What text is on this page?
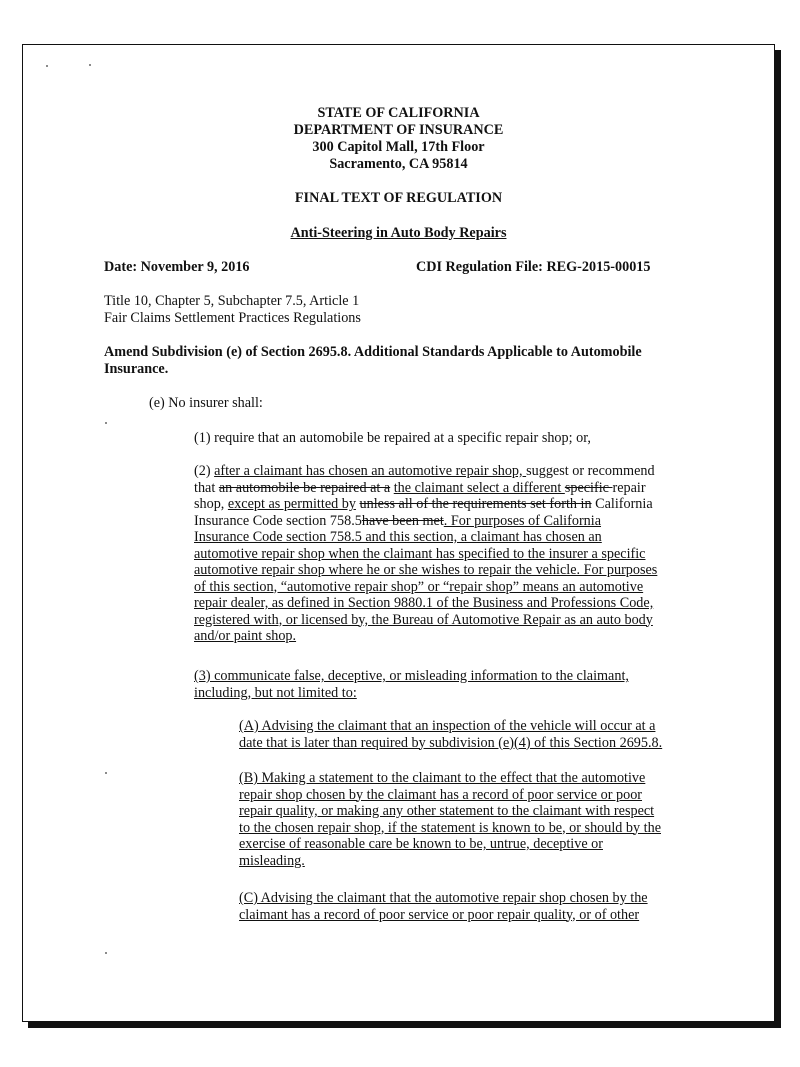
STATE OF CALIFORNIA
DEPARTMENT OF INSURANCE
300 Capitol Mall, 17th Floor
Sacramento, CA 95814
FINAL TEXT OF REGULATION
Anti-Steering in Auto Body Repairs
Date: November 9, 2016	CDI Regulation File: REG-2015-00015
Title 10, Chapter 5, Subchapter 7.5, Article 1
Fair Claims Settlement Practices Regulations
Amend Subdivision (e) of Section 2695.8. Additional Standards Applicable to Automobile
Insurance.
(e) No insurer shall:
(1) require that an automobile be repaired at a specific repair shop; or,
(2) after a claimant has chosen an automotive repair shop, suggest or recommend
that an automobile be repaired at a the claimant select a different specific repair
shop, except as permitted by unless all of the requirements set forth in California
Insurance Code section 758.5have been met. For purposes of California
Insurance Code section 758.5 and this section, a claimant has chosen an
automotive repair shop when the claimant has specified to the insurer a specific
automotive repair shop where he or she wishes to repair the vehicle. For purposes
of this section, “automotive repair shop” or “repair shop” means an automotive
repair dealer, as defined in Section 9880.1 of the Business and Professions Code,
registered with, or licensed by, the Bureau of Automotive Repair as an auto body
and/or paint shop.
(3) communicate false, deceptive, or misleading information to the claimant,
including, but not limited to:
(A) Advising the claimant that an inspection of the vehicle will occur at a
date that is later than required by subdivision (e)(4) of this Section 2695.8.
(B) Making a statement to the claimant to the effect that the automotive
repair shop chosen by the claimant has a record of poor service or poor
repair quality, or making any other statement to the claimant with respect
to the chosen repair shop, if the statement is known to be, or should by the
exercise of reasonable care be known to be, untrue, deceptive or
misleading.
(C) Advising the claimant that the automotive repair shop chosen by the
claimant has a record of poor service or poor repair quality, or of other
